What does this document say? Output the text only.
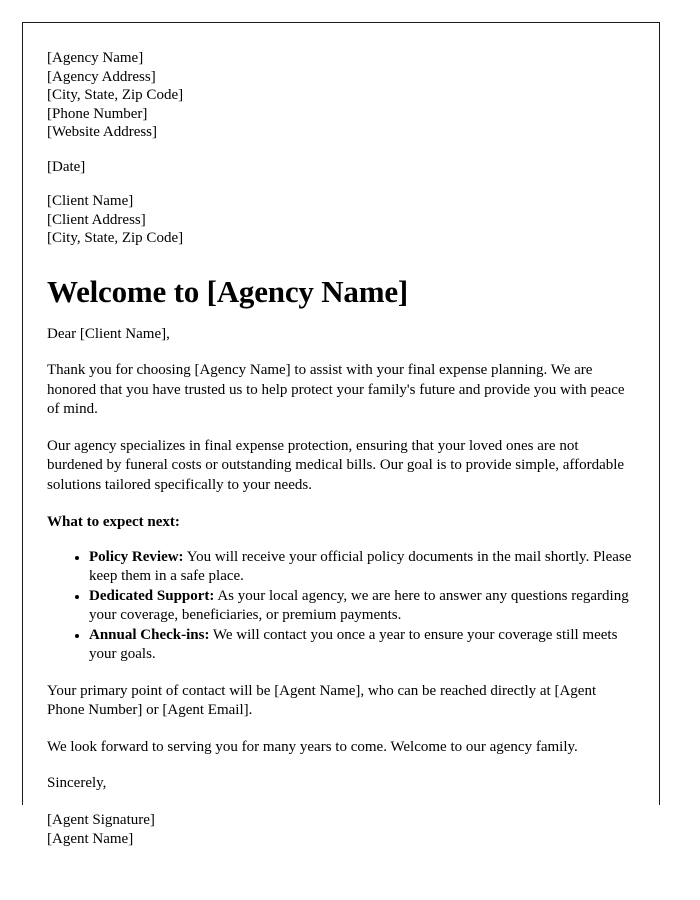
[Agency Name]
[Agency Address]
[City, State, Zip Code]
[Phone Number]
[Website Address]
[Date]
[Client Name]
[Client Address]
[City, State, Zip Code]
Welcome to [Agency Name]

Dear [Client Name],

Thank you for choosing [Agency Name] to assist with your final expense planning. We are honored that you have trusted us to help protect your family's future and provide you with peace of mind.

Our agency specializes in final expense protection, ensuring that your loved ones are not burdened by funeral costs or outstanding medical bills. Our goal is to provide simple, affordable solutions tailored specifically to your needs.

What to expect next:

Policy Review: You will receive your official policy documents in the mail shortly. Please keep them in a safe place.
Dedicated Support: As your local agency, we are here to answer any questions regarding your coverage, beneficiaries, or premium payments.
Annual Check-ins: We will contact you once a year to ensure your coverage still meets your goals.

Your primary point of contact will be [Agent Name], who can be reached directly at [Agent Phone Number] or [Agent Email].

We look forward to serving you for many years to come. Welcome to our agency family.

Sincerely,

[Agent Signature]
[Agent Name]
